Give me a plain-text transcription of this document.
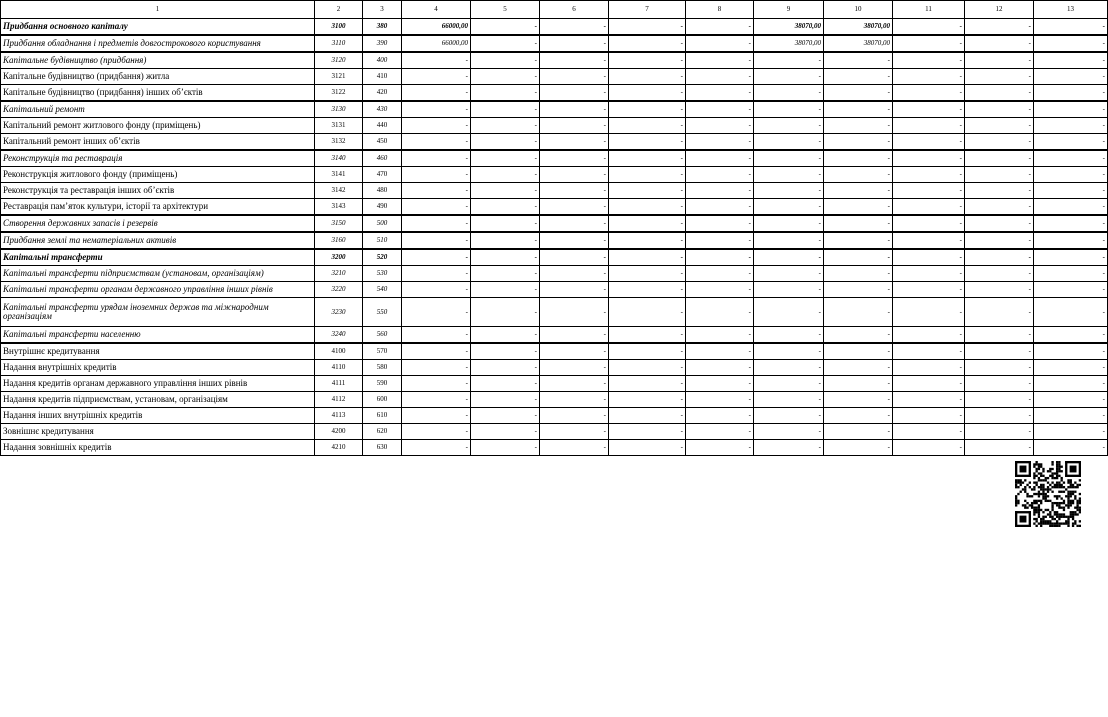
1	2	3	4	5	6	7	8	9	10	11	12	13
Придбання основного капіталу	3100	380	66000,00	-	-	-	-	38070,00	38070,00	-	-	-
Придбання обладнання і предметів довгострокового користування	3110	390	66000,00	-	-	-	-	38070,00	38070,00	-	-	-
Капітальне будівництво (придбання)	3120	400	-	-	-	-	-	-	-	-	-	-
Капітальне будівництво (придбання) житла	3121	410	-	-	-	-	-	-	-	-	-	-
Капітальне будівництво (придбання) інших об’єктів	3122	420	-	-	-	-	-	-	-	-	-	-
Капітальний ремонт	3130	430	-	-	-	-	-	-	-	-	-	-
Капітальний ремонт житлового фонду (приміщень)	3131	440	-	-	-	-	-	-	-	-	-	-
Капітальний ремонт інших об’єктів	3132	450	-	-	-	-	-	-	-	-	-	-
Реконструкція та реставрація	3140	460	-	-	-	-	-	-	-	-	-	-
Реконструкція житлового фонду (приміщень)	3141	470	-	-	-	-	-	-	-	-	-	-
Реконструкція та реставрація інших об’єктів	3142	480	-	-	-	-	-	-	-	-	-	-
Реставрація пам’яток культури, історії та архітектури	3143	490	-	-	-	-	-	-	-	-	-	-
Створення державних запасів і резервів	3150	500	-	-	-	-	-	-	-	-	-	-
Придбання землі та нематеріальних активів	3160	510	-	-	-	-	-	-	-	-	-	-
Капітальні трансферти	3200	520	-	-	-	-	-	-	-	-	-	-
Капітальні трансферти підприємствам (установам, організаціям)	3210	530	-	-	-	-	-	-	-	-	-	-
Капітальні трансферти органам державного управління інших рівнів	3220	540	-	-	-	-	-	-	-	-	-	-
Капітальні трансферти урядам іноземних держав та міжнародним організаціям	3230	550	-	-	-	-	-	-	-	-	-	-
Капітальні трансферти населенню	3240	560	-	-	-	-	-	-	-	-	-	-
Внутрішнє кредитування	4100	570	-	-	-	-	-	-	-	-	-	-
Надання внутрішніх кредитів	4110	580	-	-	-	-	-	-	-	-	-	-
Надання кредитів органам державного управління інших рівнів	4111	590	-	-	-	-	-	-	-	-	-	-
Надання кредитів підприємствам, установам, організаціям	4112	600	-	-	-	-	-	-	-	-	-	-
Надання інших внутрішніх кредитів	4113	610	-	-	-	-	-	-	-	-	-	-
Зовнішнє кредитування	4200	620	-	-	-	-	-	-	-	-	-	-
Надання зовнішніх кредитів	4210	630	-	-	-	-	-	-	-	-	-	-
